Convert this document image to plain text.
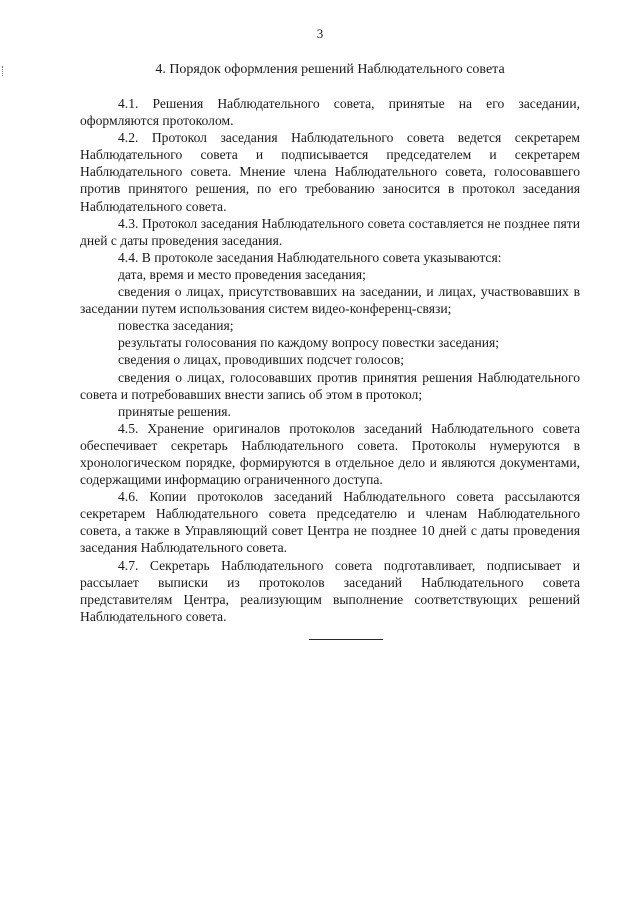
3
4. Порядок оформления решений Наблюдательного совета

4.1. Решения Наблюдательного совета, принятые на его заседании, оформляются протоколом.

4.2. Протокол заседания Наблюдательного совета ведется секретарем Наблюдательного совета и подписывается председателем и секретарем Наблюдательного совета. Мнение члена Наблюдательного совета, голосовавшего против принятого решения, по его требованию заносится в протокол заседания Наблюдательного совета.

4.3. Протокол заседания Наблюдательного совета составляется не позднее пяти дней с даты проведения заседания.

4.4. В протоколе заседания Наблюдательного совета указываются:

дата, время и место проведения заседания;

сведения о лицах, присутствовавших на заседании, и лицах, участвовавших в заседании путем использования систем видео-конференц-связи;

повестка заседания;

результаты голосования по каждому вопросу повестки заседания;

сведения о лицах, проводивших подсчет голосов;

сведения о лицах, голосовавших против принятия решения Наблюдательного совета и потребовавших внести запись об этом в протокол;

принятые решения.

4.5. Хранение оригиналов протоколов заседаний Наблюдательного совета обеспечивает секретарь Наблюдательного совета. Протоколы нумеруются в хронологическом порядке, формируются в отдельное дело и являются документами, содержащими информацию ограниченного доступа.

4.6. Копии протоколов заседаний Наблюдательного совета рассылаются секретарем Наблюдательного совета председателю и членам Наблюдательного совета, а также в Управляющий совет Центра не позднее 10 дней с даты проведения заседания Наблюдательного совета.

4.7. Секретарь Наблюдательного совета подготавливает, подписывает и рассылает выписки из протоколов заседаний Наблюдательного совета представителям Центра, реализующим выполнение соответствующих решений Наблюдательного совета.
